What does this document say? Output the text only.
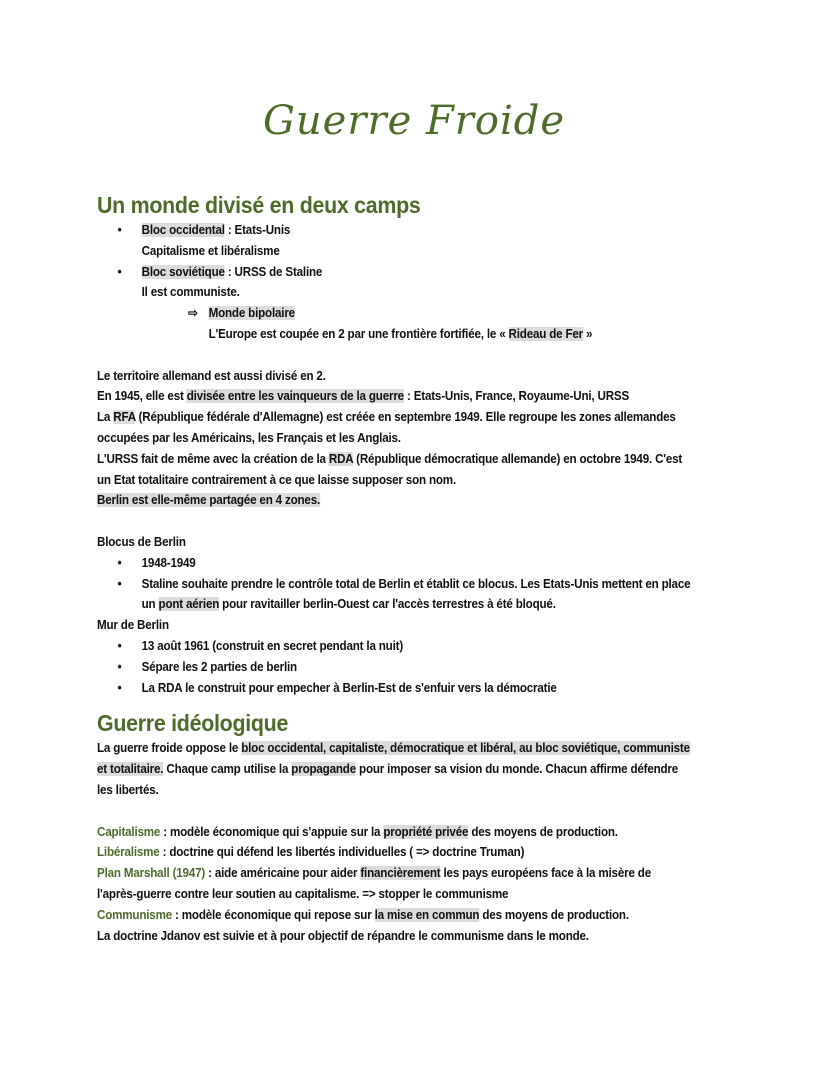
Guerre Froide
Un monde divisé en deux camps
• Bloc occidental : Etats-Unis
Capitalisme et libéralisme
• Bloc soviétique : URSS de Staline
Il est communiste.
⇨ Monde bipolaire
L'Europe est coupée en 2 par une frontière fortifiée, le « Rideau de Fer »
Le territoire allemand est aussi divisé en 2.
En 1945, elle est divisée entre les vainqueurs de la guerre : Etats-Unis, France, Royaume-Uni, URSS
La RFA (République fédérale d'Allemagne) est créée en septembre 1949. Elle regroupe les zones allemandes occupées par les Américains, les Français et les Anglais.
L'URSS fait de même avec la création de la RDA (République démocratique allemande) en octobre 1949. C'est un Etat totalitaire contrairement à ce que laisse supposer son nom.
Berlin est elle-même partagée en 4 zones.
Blocus de Berlin
• 1948-1949
• Staline souhaite prendre le contrôle total de Berlin et établit ce blocus. Les Etats-Unis mettent en place un pont aérien pour ravitailler berlin-Ouest car l'accès terrestres à été bloqué.
Mur de Berlin
• 13 août 1961 (construit en secret pendant la nuit)
• Sépare les 2 parties de berlin
• La RDA le construit pour empecher à Berlin-Est de s'enfuir vers la démocratie
Guerre idéologique
La guerre froide oppose le bloc occidental, capitaliste, démocratique et libéral, au bloc soviétique, communiste et totalitaire. Chaque camp utilise la propagande pour imposer sa vision du monde. Chacun affirme défendre les libertés.
Capitalisme : modèle économique qui s'appuie sur la propriété privée des moyens de production.
Libéralisme : doctrine qui défend les libertés individuelles ( => doctrine Truman)
Plan Marshall (1947) : aide américaine pour aider financièrement les pays européens face à la misère de l'après-guerre contre leur soutien au capitalisme. => stopper le communisme
Communisme : modèle économique qui repose sur la mise en commun des moyens de production.
La doctrine Jdanov est suivie et à pour objectif de répandre le communisme dans le monde.
